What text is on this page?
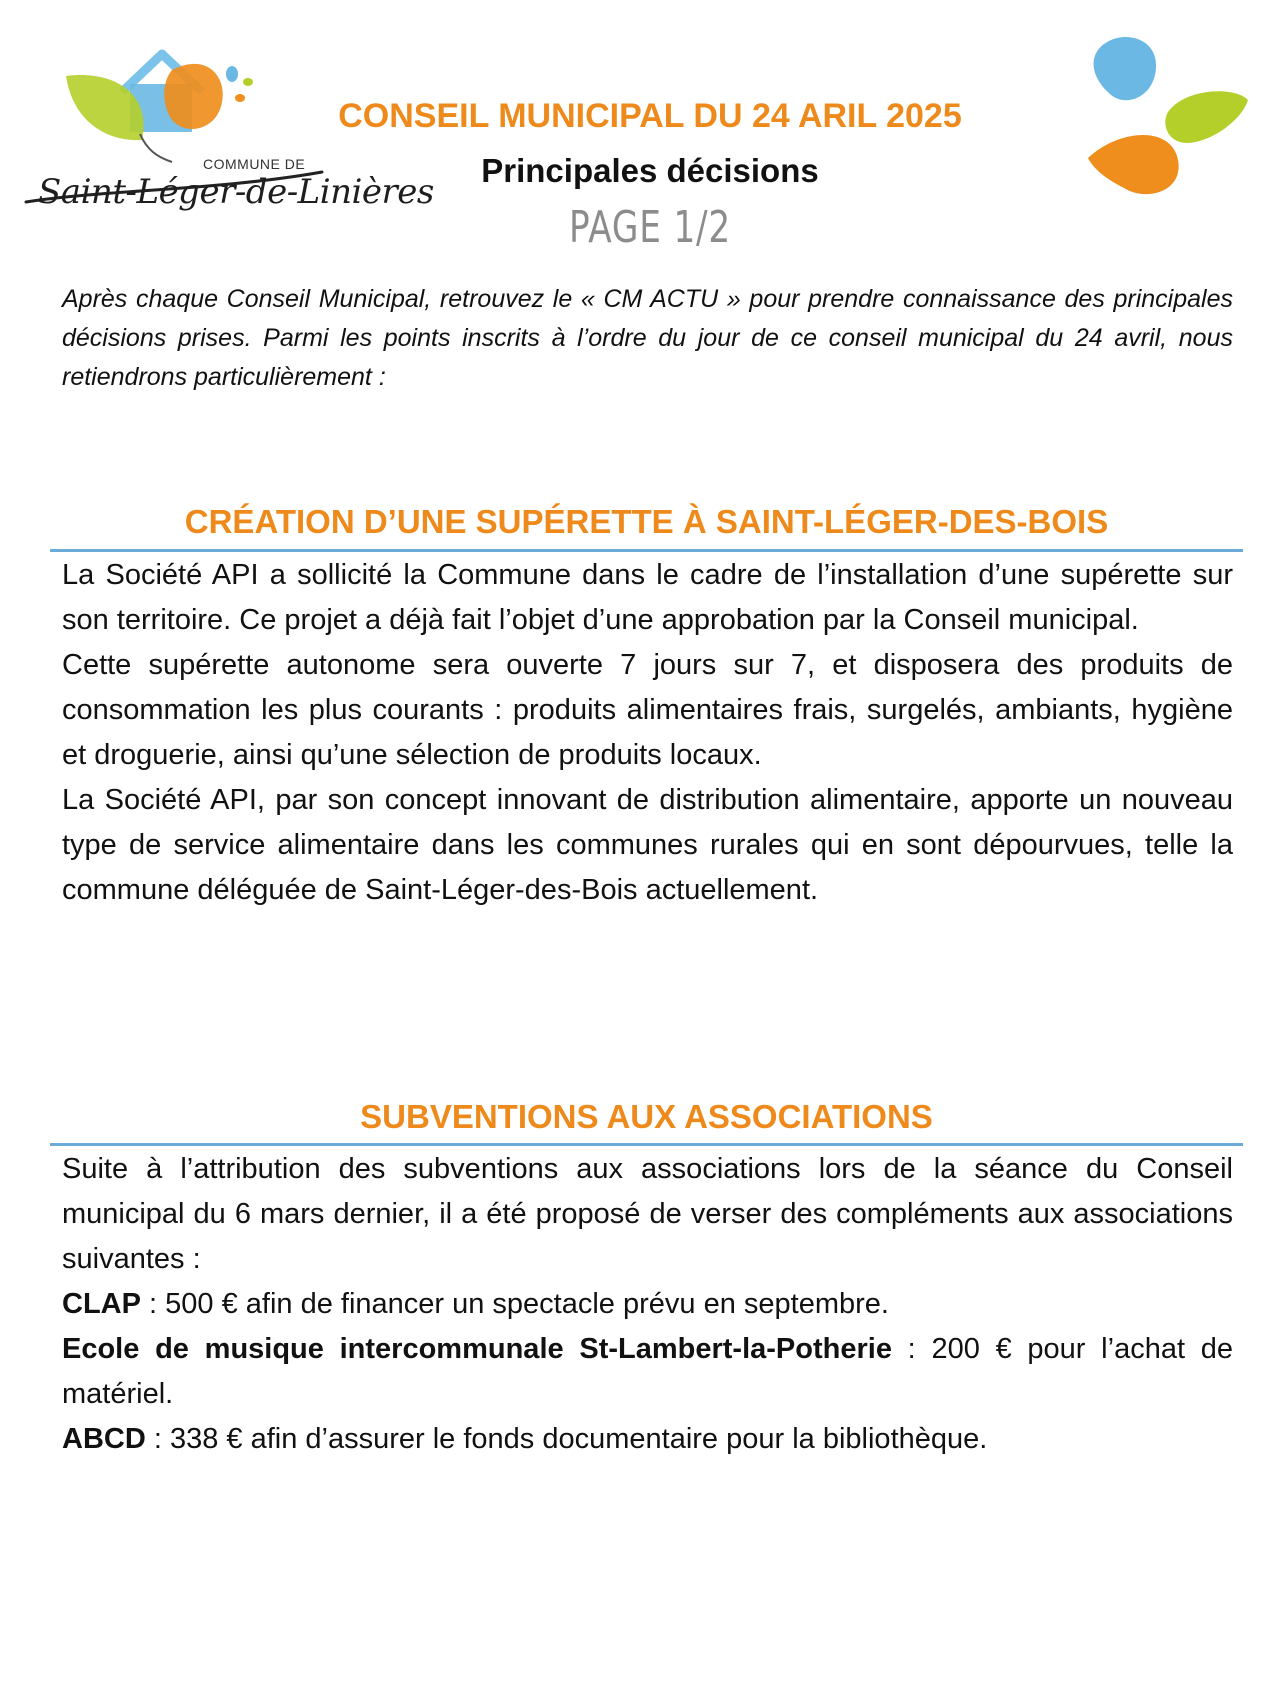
COMMUNE DE
Saint-Léger-de-Linières
CONSEIL MUNICIPAL DU 24 ARIL 2025
Principales décisions
PAGE 1/2
Après chaque Conseil Municipal, retrouvez le « CM ACTU » pour prendre connaissance des principales décisions prises. Parmi les points inscrits à l’ordre du jour de ce conseil municipal du 24 avril, nous retiendrons particulièrement :
CRÉATION D’UNE SUPÉRETTE À SAINT-LÉGER-DES-BOIS

La Société API a sollicité la Commune dans le cadre de l’installation d’une supérette sur son territoire. Ce projet a déjà fait l’objet d’une approbation par la Conseil municipal.

Cette supérette autonome sera ouverte 7 jours sur 7, et disposera des produits de consommation les plus courants : produits alimentaires frais, surgelés, ambiants, hygiène et droguerie, ainsi qu’une sélection de produits locaux.

La Société API, par son concept innovant de distribution alimentaire, apporte un nouveau type de service alimentaire dans les communes rurales qui en sont dépourvues, telle la commune déléguée de Saint-Léger-des-Bois actuellement.

SUBVENTIONS AUX ASSOCIATIONS

Suite à l’attribution des subventions aux associations lors de la séance du Conseil municipal du 6 mars dernier, il a été proposé de verser des compléments aux associations suivantes :

CLAP : 500 € afin de financer un spectacle prévu en septembre.

Ecole de musique intercommunale St-Lambert-la-Potherie : 200 € pour l’achat de matériel.

ABCD : 338 € afin d’assurer le fonds documentaire pour la bibliothèque.
